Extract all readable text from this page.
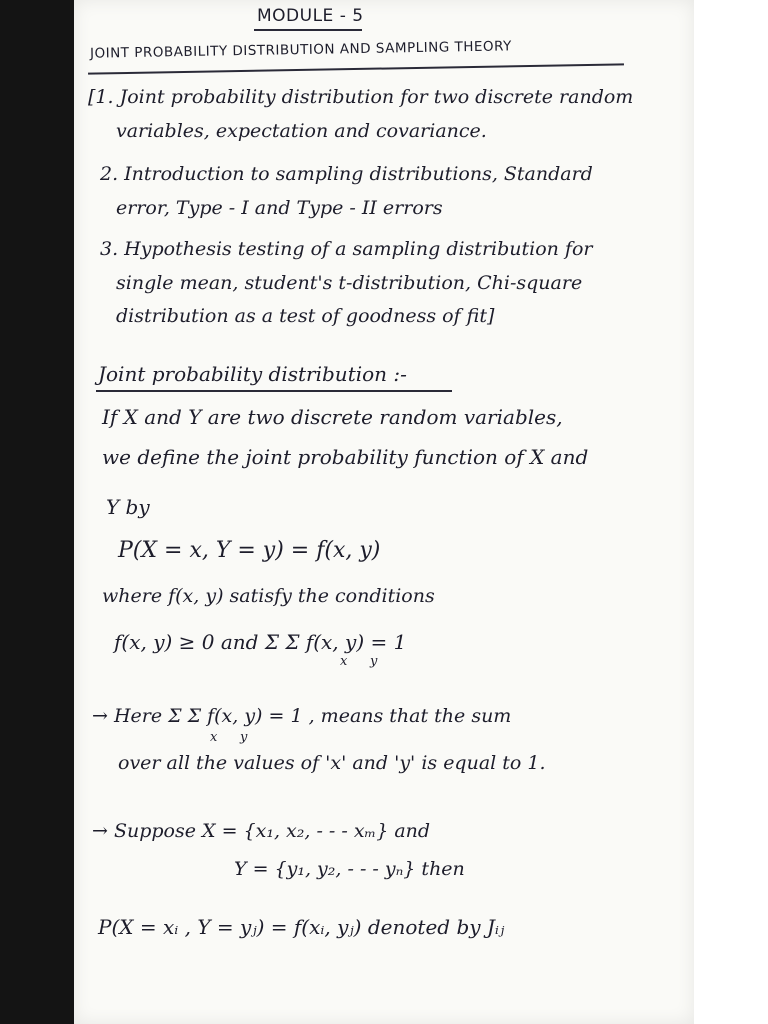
MODULE - 5
JOINT PROBABILITY DISTRIBUTION AND SAMPLING THEORY
[1. Joint probability distribution for two discrete random
variables, expectation and covariance.
2. Introduction to sampling distributions, Standard
error, Type - I and Type - II errors
3. Hypothesis testing of a sampling distribution for
single mean, student's t-distribution, Chi-square
distribution as a test of goodness of fit]
Joint probability distribution :-
If X and Y are two discrete random variables,
we define the joint probability function of X and
Y by
P(X = x, Y = y) = f(x, y)
where f(x, y) satisfy the conditions
f(x, y) ≥ 0 and Σ Σ f(x, y) = 1
x y
→ Here Σ Σ f(x, y) = 1 , means that the sum
x y
over all the values of 'x' and 'y' is equal to 1.
→ Suppose X = {x₁, x₂, - - - xₘ} and
Y = {y₁, y₂, - - - yₙ} then
P(X = xᵢ , Y = yⱼ) = f(xᵢ, yⱼ) denoted by Jᵢⱼ
